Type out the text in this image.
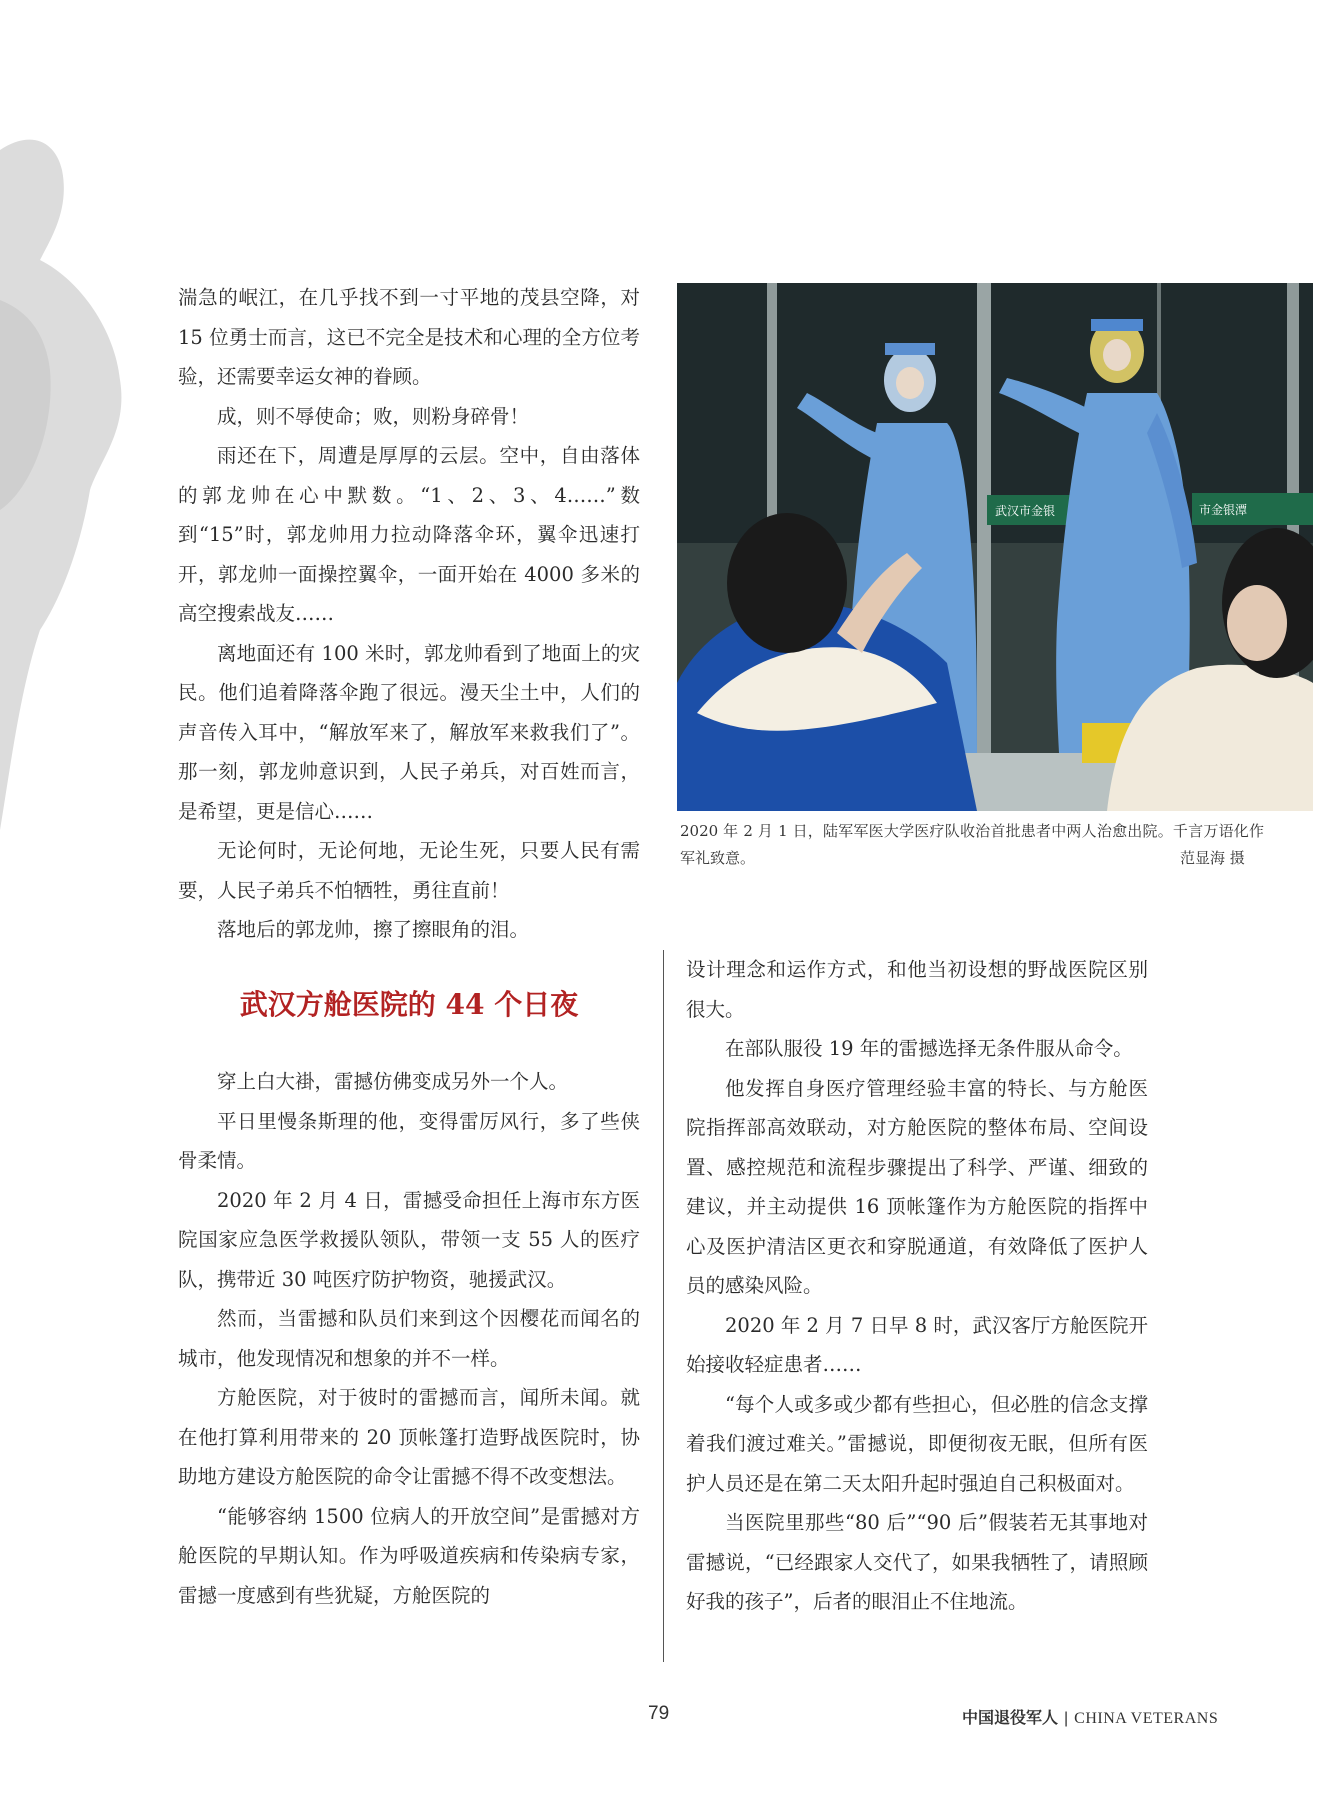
湍急的岷江，在几乎找不到一寸平地的茂县空降，对 15 位勇士而言，这已不完全是技术和心理的全方位考验，还需要幸运女神的眷顾。

成，则不辱使命；败，则粉身碎骨！

雨还在下，周遭是厚厚的云层。空中，自由落体的郭龙帅在心中默数。“1、2、3、4……”数到“15”时，郭龙帅用力拉动降落伞环，翼伞迅速打开，郭龙帅一面操控翼伞，一面开始在 4000 多米的高空搜索战友……

离地面还有 100 米时，郭龙帅看到了地面上的灾民。他们追着降落伞跑了很远。漫天尘土中，人们的声音传入耳中，“解放军来了，解放军来救我们了”。那一刻，郭龙帅意识到，人民子弟兵，对百姓而言，是希望，更是信心……

无论何时，无论何地，无论生死，只要人民有需要，人民子弟兵不怕牺牲，勇往直前！

落地后的郭龙帅，擦了擦眼角的泪。

武汉方舱医院的 44 个日夜

穿上白大褂，雷撼仿佛变成另外一个人。

平日里慢条斯理的他，变得雷厉风行，多了些侠骨柔情。

2020 年 2 月 4 日，雷撼受命担任上海市东方医院国家应急医学救援队领队，带领一支 55 人的医疗队，携带近 30 吨医疗防护物资，驰援武汉。

然而，当雷撼和队员们来到这个因樱花而闻名的城市，他发现情况和想象的并不一样。

方舱医院，对于彼时的雷撼而言，闻所未闻。就在他打算利用带来的 20 顶帐篷打造野战医院时，协助地方建设方舱医院的命令让雷撼不得不改变想法。

“能够容纳 1500 位病人的开放空间”是雷撼对方舱医院的早期认知。作为呼吸道疾病和传染病专家，雷撼一度感到有些犹疑，方舱医院的

设计理念和运作方式，和他当初设想的野战医院区别很大。

在部队服役 19 年的雷撼选择无条件服从命令。

他发挥自身医疗管理经验丰富的特长、与方舱医院指挥部高效联动，对方舱医院的整体布局、空间设置、感控规范和流程步骤提出了科学、严谨、细致的建议，并主动提供 16 顶帐篷作为方舱医院的指挥中心及医护清洁区更衣和穿脱通道，有效降低了医护人员的感染风险。

2020 年 2 月 7 日早 8 时，武汉客厅方舱医院开始接收轻症患者……

“每个人或多或少都有些担心，但必胜的信念支撑着我们渡过难关。”雷撼说，即便彻夜无眠，但所有医护人员还是在第二天太阳升起时强迫自己积极面对。

当医院里那些“80 后”“90 后”假装若无其事地对雷撼说，“已经跟家人交代了，如果我牺牲了，请照顾好我的孩子”，后者的眼泪止不住地流。

武汉市金银	市金银潭
2020 年 2 月 1 日，陆军军医大学医疗队收治首批患者中两人治愈出院。千言万语化作军礼致意。	范显海 摄
79	中国退役军人 | CHINA VETERANS
